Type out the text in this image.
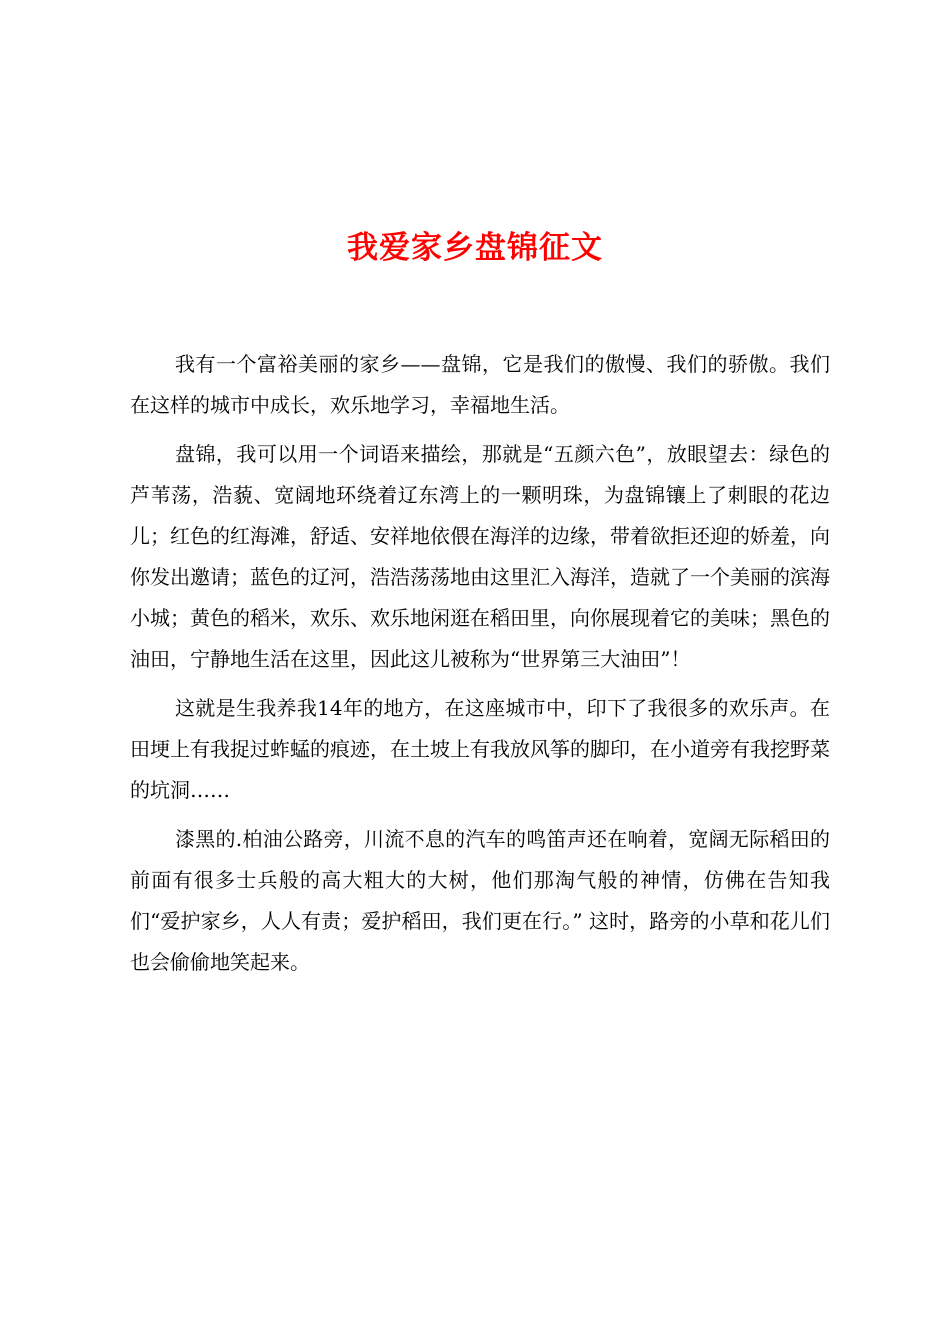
我爱家乡盘锦征文

我有一个富裕美丽的家乡——盘锦，它是我们的傲慢、我们的骄傲。我们在这样的城市中成长，欢乐地学习，幸福地生活。

盘锦，我可以用一个词语来描绘，那就是“五颜六色”，放眼望去：绿色的芦苇荡，浩藐、宽阔地环绕着辽东湾上的一颗明珠，为盘锦镶上了刺眼的花边儿；红色的红海滩，舒适、安祥地依偎在海洋的边缘，带着欲拒还迎的娇羞，向你发出邀请；蓝色的辽河，浩浩荡荡地由这里汇入海洋，造就了一个美丽的滨海小城；黄色的稻米，欢乐、欢乐地闲逛在稻田里，向你展现着它的美味；黑色的油田，宁静地生活在这里，因此这儿被称为“世界第三大油田”！

这就是生我养我14年的地方，在这座城市中，印下了我很多的欢乐声。在田埂上有我捉过蚱蜢的痕迹，在土坡上有我放风筝的脚印，在小道旁有我挖野菜的坑洞……

漆黑的.柏油公路旁，川流不息的汽车的鸣笛声还在响着，宽阔无际稻田的前面有很多士兵般的高大粗大的大树，他们那淘气般的神情，仿佛在告知我们“爱护家乡，人人有责；爱护稻田，我们更在行。” 这时，路旁的小草和花儿们也会偷偷地笑起来。
